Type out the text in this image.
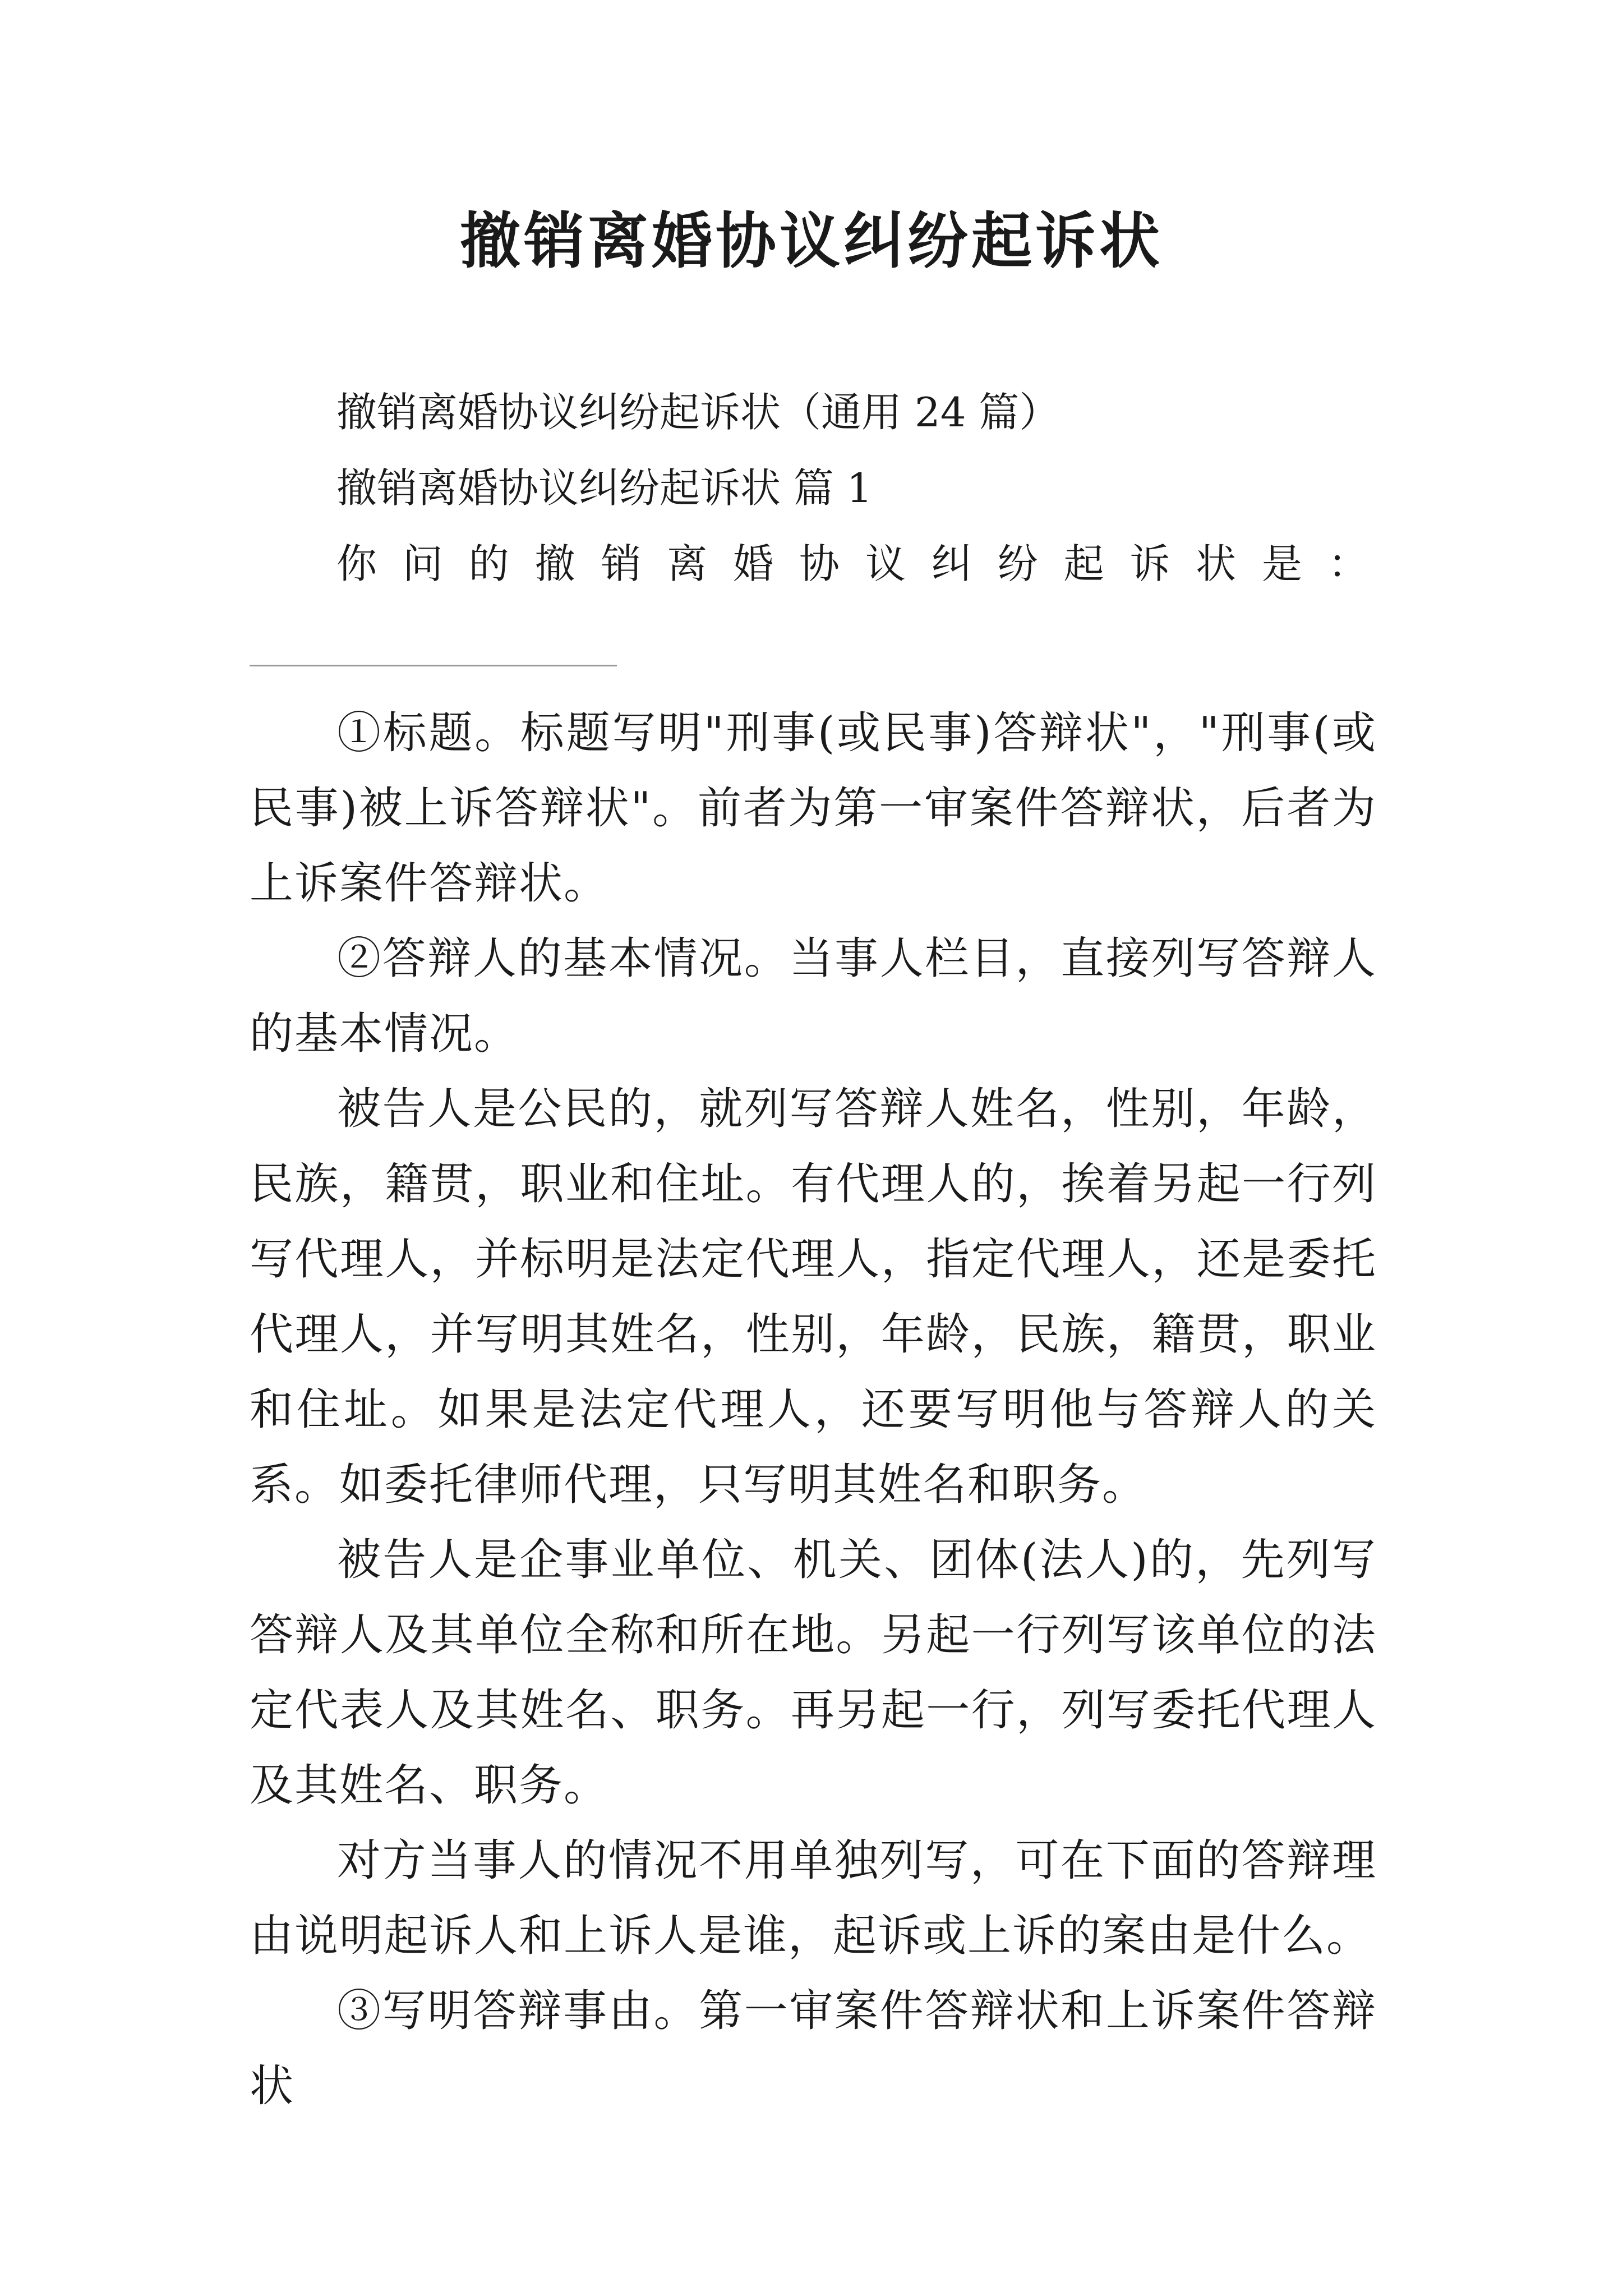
撤销离婚协议纠纷起诉状

撤销离婚协议纠纷起诉状（通用 24 篇）

撤销离婚协议纠纷起诉状 篇 1

你 问 的 撤 销 离 婚 协 议 纠 纷 起 诉 状 是 ：

①标题。标题写明"刑事(或民事)答辩状"，"刑事(或民事)被上诉答辩状"。前者为第一审案件答辩状，后者为上诉案件答辩状。

②答辩人的基本情况。当事人栏目，直接列写答辩人的基本情况。

被告人是公民的，就列写答辩人姓名，性别，年龄，民族，籍贯，职业和住址。有代理人的，挨着另起一行列写代理人，并标明是法定代理人，指定代理人，还是委托代理人，并写明其姓名，性别，年龄，民族，籍贯，职业和住址。如果是法定代理人，还要写明他与答辩人的关系。如委托律师代理，只写明其姓名和职务。

被告人是企事业单位、机关、团体(法人)的，先列写答辩人及其单位全称和所在地。另起一行列写该单位的法定代表人及其姓名、职务。再另起一行，列写委托代理人及其姓名、职务。

对方当事人的情况不用单独列写，可在下面的答辩理由说明起诉人和上诉人是谁，起诉或上诉的案由是什么。

③写明答辩事由。第一审案件答辩状和上诉案件答辩状
